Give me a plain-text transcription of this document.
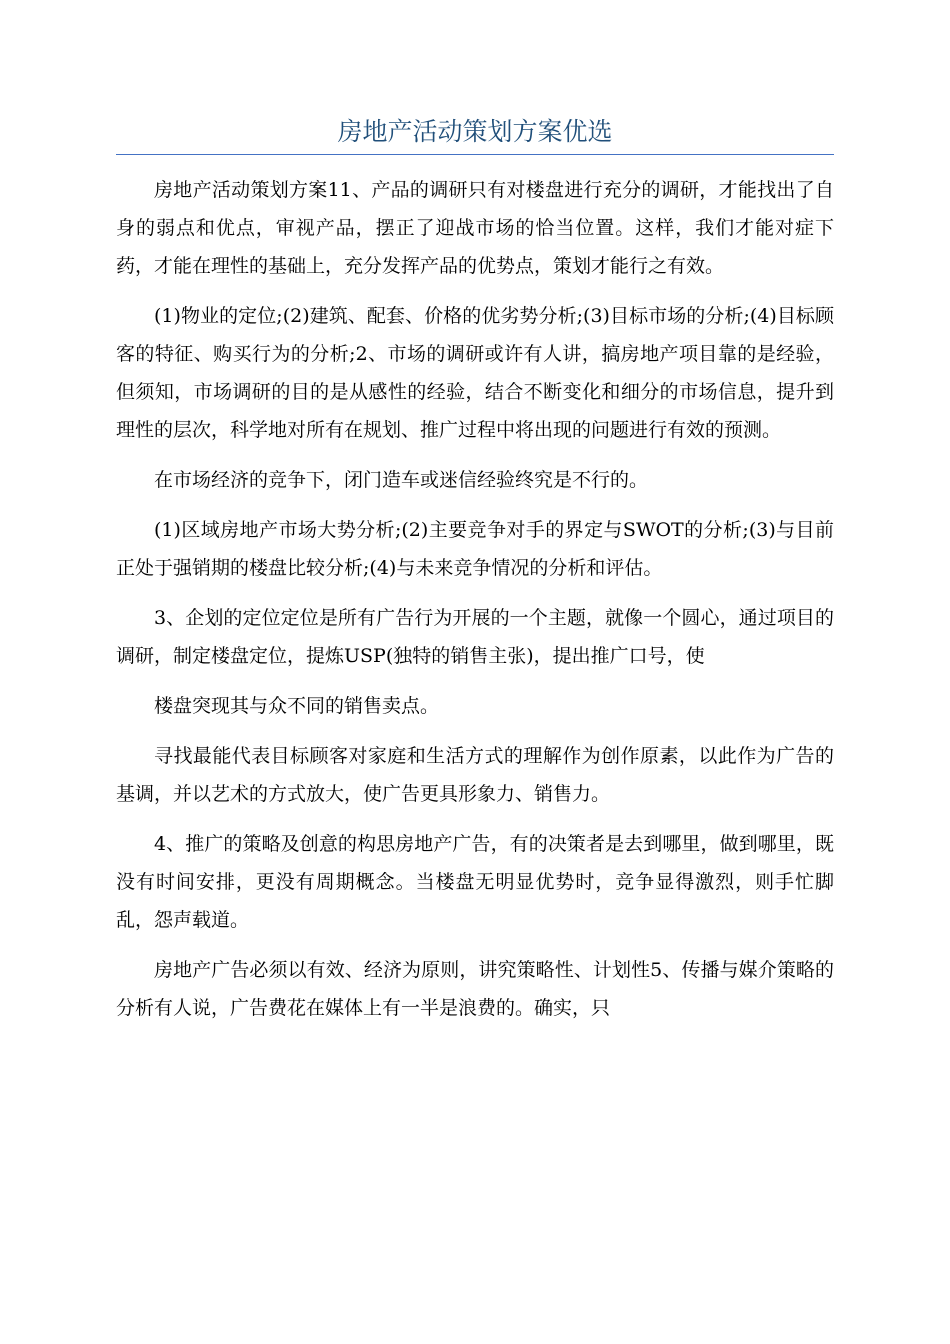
房地产活动策划方案优选

房地产活动策划方案11、产品的调研只有对楼盘进行充分的调研，才能找出了自身的弱点和优点，审视产品，摆正了迎战市场的恰当位置。这样，我们才能对症下药，才能在理性的基础上，充分发挥产品的优势点，策划才能行之有效。

(1)物业的定位;(2)建筑、配套、价格的优劣势分析;(3)目标市场的分析;(4)目标顾客的特征、购买行为的分析;2、市场的调研或许有人讲，搞房地产项目靠的是经验，但须知，市场调研的目的是从感性的经验，结合不断变化和细分的市场信息，提升到理性的层次，科学地对所有在规划、推广过程中将出现的问题进行有效的预测。

在市场经济的竞争下，闭门造车或迷信经验终究是不行的。

(1)区域房地产市场大势分析;(2)主要竞争对手的界定与SWOT的分析;(3)与目前正处于强销期的楼盘比较分析;(4)与未来竞争情况的分析和评估。

3、企划的定位定位是所有广告行为开展的一个主题，就像一个圆心，通过项目的调研，制定楼盘定位，提炼USP(独特的销售主张)，提出推广口号，使

楼盘突现其与众不同的销售卖点。

寻找最能代表目标顾客对家庭和生活方式的理解作为创作原素，以此作为广告的基调，并以艺术的方式放大，使广告更具形象力、销售力。

4、推广的策略及创意的构思房地产广告，有的决策者是去到哪里，做到哪里，既没有时间安排，更没有周期概念。当楼盘无明显优势时，竞争显得激烈，则手忙脚乱，怨声载道。

房地产广告必须以有效、经济为原则，讲究策略性、计划性5、传播与媒介策略的分析有人说，广告费花在媒体上有一半是浪费的。确实，只
